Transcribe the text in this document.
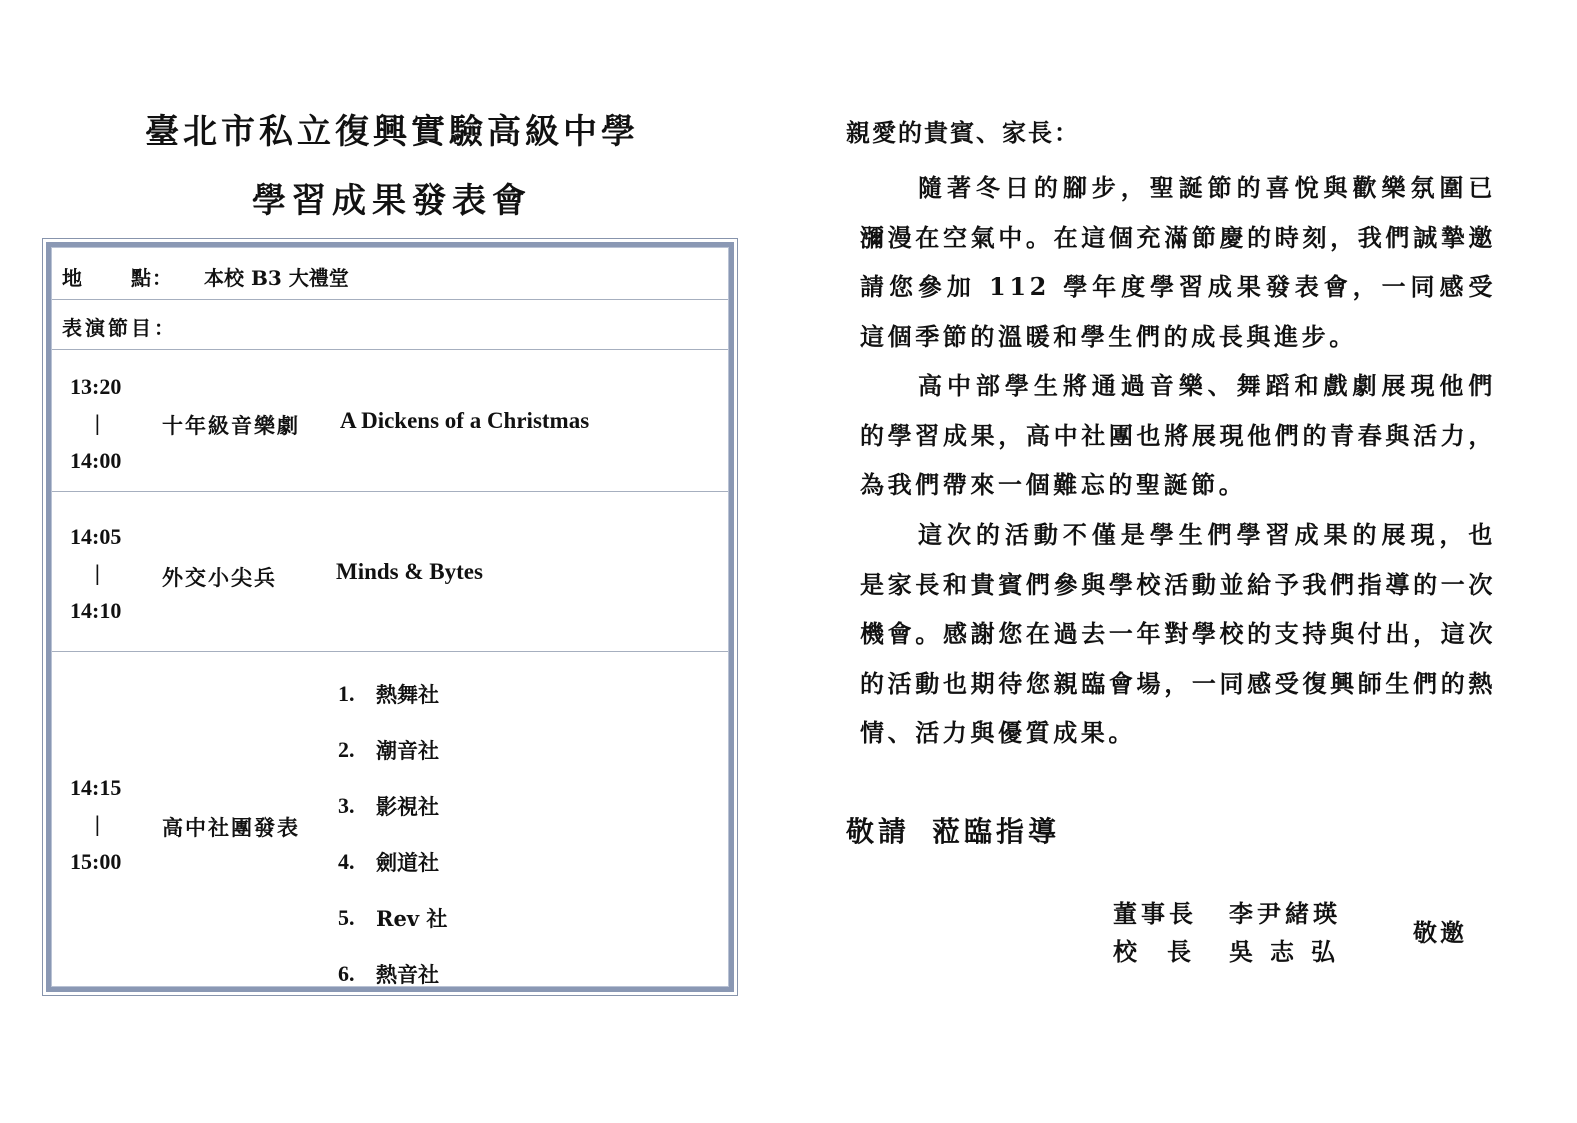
臺北市私立復興實驗高級中學
學習成果發表會
地 點： 本校 B3 大禮堂
表演節目：
13:20
|
14:00
十年級音樂劇 A Dickens of a Christmas
14:05
|
14:10
外交小尖兵	Minds & Bytes
14:15
|
15:00
高中社團發表
1.	熱舞社
2.	潮音社
3.	影視社
4.	劍道社
5.	Rev 社
6.	熱音社

親愛的貴賓、家長：

隨著冬日的腳步，聖誕節的喜悅與歡樂氛圍已瀰漫在空氣中。在這個充滿節慶的時刻，我們誠摯邀請您參加 112 學年度學習成果發表會，一同感受這個季節的溫暖和學生們的成長與進步。

高中部學生將通過音樂、舞蹈和戲劇展現他們的學習成果，高中社團也將展現他們的青春與活力，為我們帶來一個難忘的聖誕節。

這次的活動不僅是學生們學習成果的展現，也是家長和貴賓們參與學校活動並給予我們指導的一次機會。感謝您在過去一年對學校的支持與付出，這次的活動也期待您親臨會場，一同感受復興師生們的熱情、活力與優質成果。

敬請 蒞臨指導
董事長 李尹緒瑛
校長 吳志弘
敬邀
